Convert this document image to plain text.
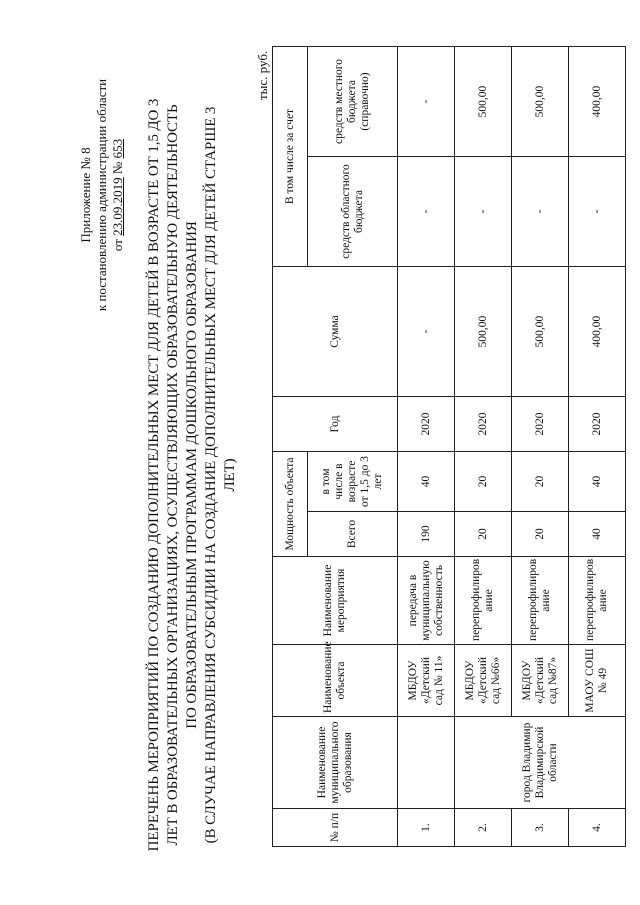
Приложение № 8 к постановлению администрации области от 23.09.2019 № 653 ПЕРЕЧЕНЬ МЕРОПРИЯТИЙ ПО СОЗДАНИЮ ДОПОЛНИТЕЛЬНЫХ МЕСТ ДЛЯ ДЕТЕЙ В ВОЗРАСТЕ ОТ 1,5 ДО 3 ЛЕТ В ОБРАЗОВАТЕЛЬНЫХ ОРГАНИЗАЦИЯХ, ОСУЩЕСТВЛЯЮЩИХ ОБРАЗОВАТЕЛЬНУЮ ДЕЯТЕЛЬНОСТЬ ПО ОБРАЗОВАТЕЛЬНЫМ ПРОГРАММАМ ДОШКОЛЬНОГО ОБРАЗОВАНИЯ (В СЛУЧАЕ НАПРАВЛЕНИЯ СУБСИДИИ НА СОЗДАНИЕ ДОПОЛНИТЕЛЬНЫХ МЕСТ ДЛЯ ДЕТЕЙ СТАРШЕ 3 ЛЕТ)
тыс. руб.
№ п/п	Наименование муниципального образования	Наименование объекта	Наименование мероприятия	Мощность объекта		Год	Сумма	В том числе за счет	
				Всего	в том числе в возрасте от 1,5 до 3 лет			средств областного бюджета	средств местного бюджета (справочно)
1.		МБДОУ «Детский сад № 11»	передача в муниципальную собственность	190	40	2020	-	-	-
2.	город Владимир Владимирской области	МБДОУ «Детский сад №66»	перепрофилиров ание	20	20	2020	500,00	-	500,00
3.		МБДОУ «Детский сад №87»	перепрофилиров ание	20	20	2020	500,00	-	500,00
4.		МАОУ СОШ № 49	перепрофилиров ание	40	40	2020	400,00	-	400,00
